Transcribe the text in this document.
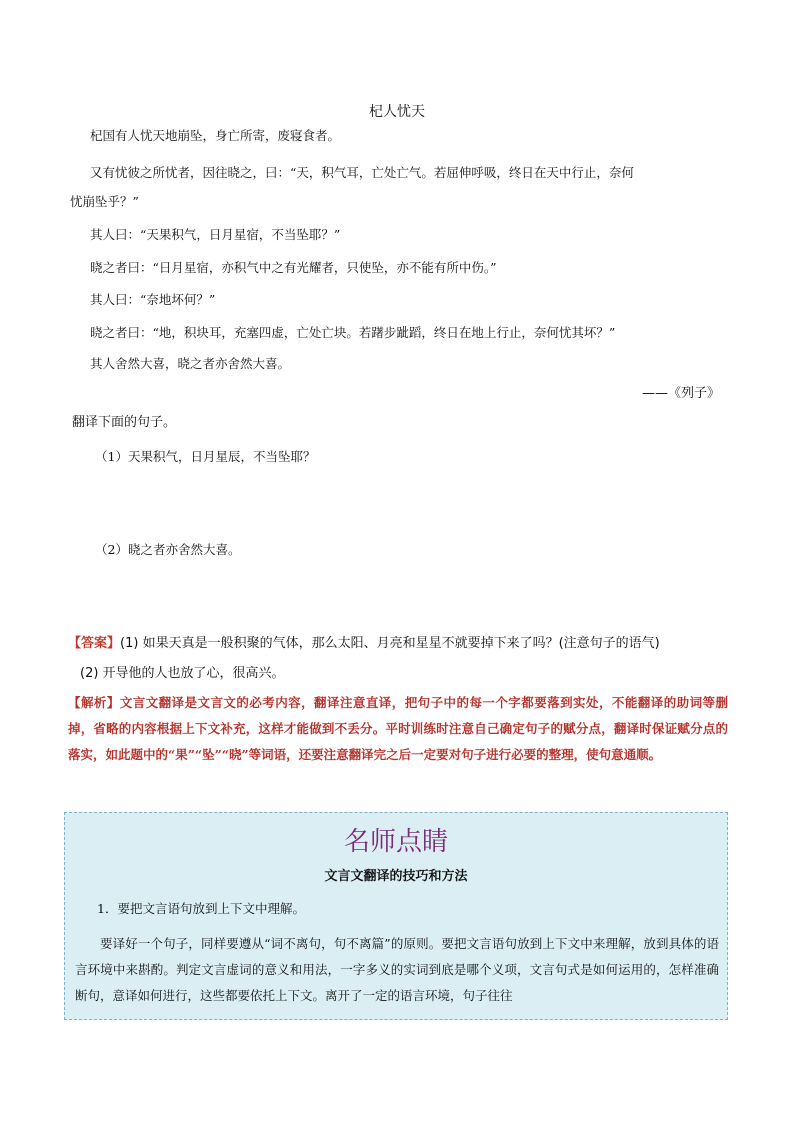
杞人忧天
杞国有人忧天地崩坠，身亡所寄，废寝食者。
又有忧彼之所忧者，因往晓之，曰：“天，积气耳，亡处亡气。若屈伸呼吸，终日在天中行止，奈何
忧崩坠乎？”
其人曰：“天果积气，日月星宿，不当坠耶？”
晓之者曰：“日月星宿，亦积气中之有光耀者，只使坠，亦不能有所中伤。”
其人曰：“奈地坏何？”
晓之者曰：“地，积块耳，充塞四虚，亡处亡块。若躇步跐蹈，终日在地上行止，奈何忧其坏？”
其人舍然大喜，晓之者亦舍然大喜。
——《列子》
翻译下面的句子。
（1）天果积气，日月星辰，不当坠耶？
（2）晓之者亦舍然大喜。
【答案】(1) 如果天真是一般积聚的气体，那么太阳、月亮和星星不就要掉下来了吗？(注意句子的语气)
(2) 开导他的人也放了心，很高兴。
【解析】文言文翻译是文言文的必考内容，翻译注意直译，把句子中的每一个字都要落到实处，不能翻译的助词等删掉，省略的内容根据上下文补充，这样才能做到不丢分。平时训练时注意自己确定句子的赋分点，翻译时保证赋分点的落实，如此题中的“果”“坠”“晓”等词语，还要注意翻译完之后一定要对句子进行必要的整理，使句意通顺。
名师点睛
文言文翻译的技巧和方法
1．要把文言语句放到上下文中理解。
要译好一个句子，同样要遵从“词不离句，句不离篇”的原则。要把文言语句放到上下文中来理解，放到具体的语言环境中来斟酌。判定文言虚词的意义和用法，一字多义的实词到底是哪个义项，文言句式是如何运用的，怎样准确断句，意译如何进行，这些都要依托上下文。离开了一定的语言环境，句子往往
